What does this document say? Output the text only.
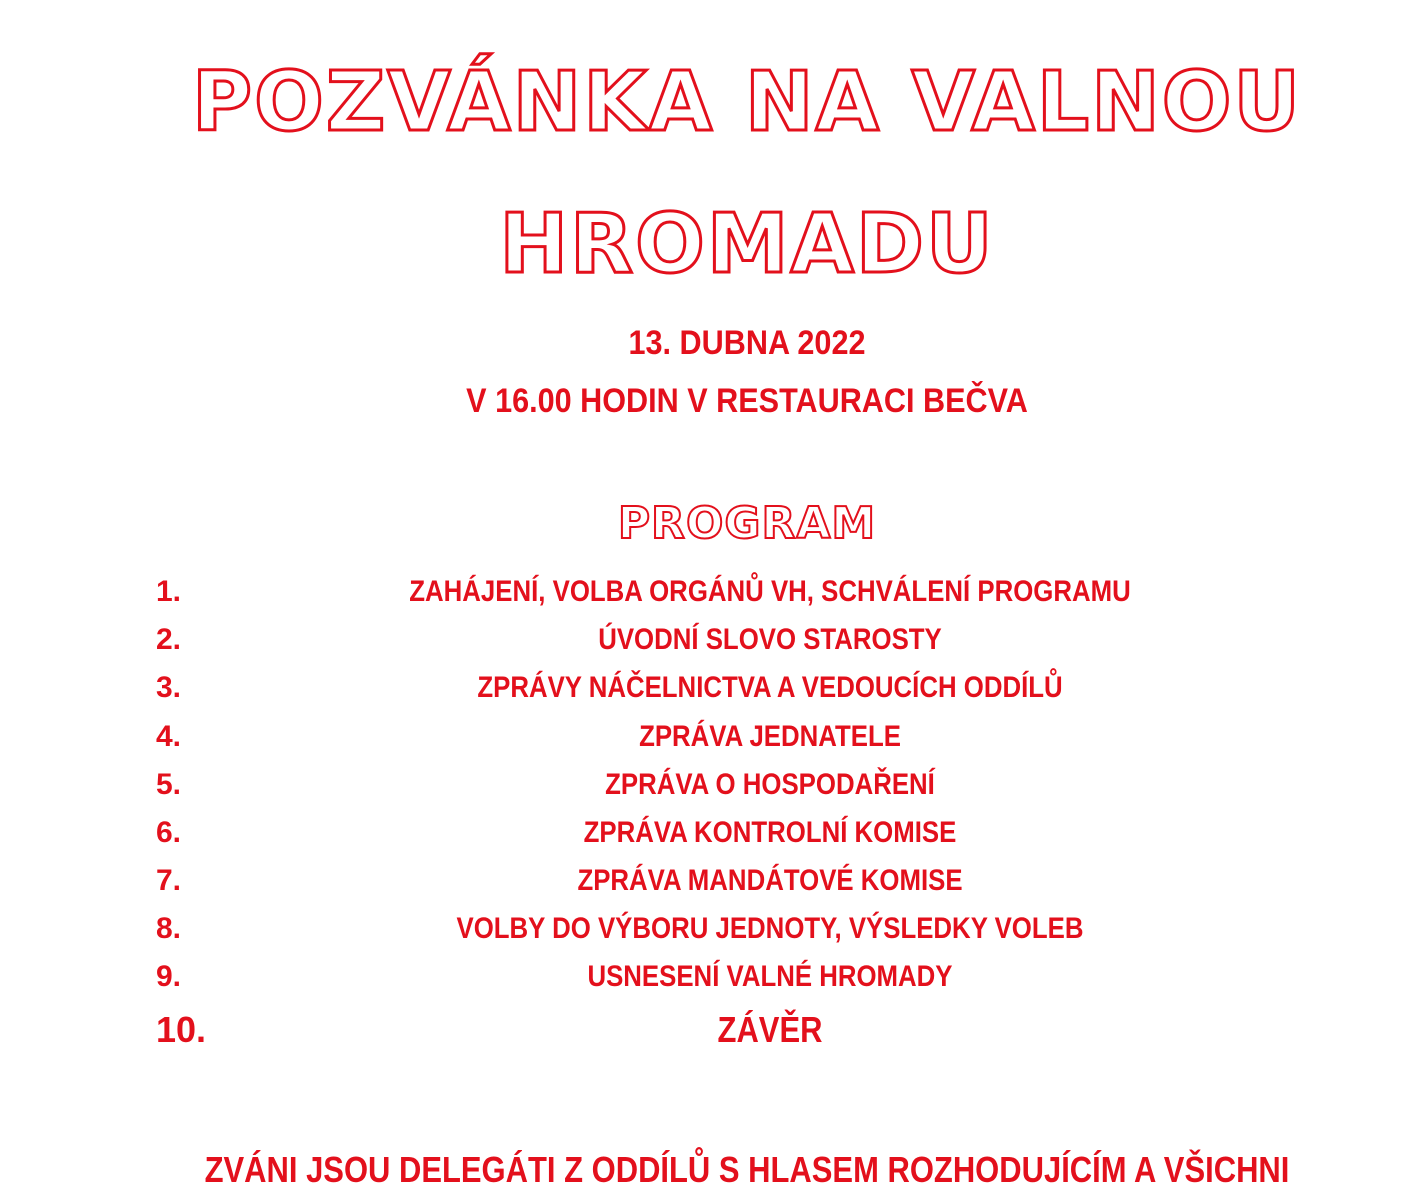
POZVÁNKA NA VALNOU
HROMADU
13. DUBNA 2022
V 16.00 HODIN V RESTAURACI BEČVA
PROGRAM
1.	ZAHÁJENÍ, VOLBA ORGÁNŮ VH, SCHVÁLENÍ PROGRAMU
2.	ÚVODNÍ SLOVO STAROSTY
3.	ZPRÁVY NÁČELNICTVA A VEDOUCÍCH ODDÍLŮ
4.	ZPRÁVA JEDNATELE
5.	ZPRÁVA O HOSPODAŘENÍ
6.	ZPRÁVA KONTROLNÍ KOMISE
7.	ZPRÁVA MANDÁTOVÉ KOMISE
8.	VOLBY DO VÝBORU JEDNOTY, VÝSLEDKY VOLEB
9.	USNESENÍ VALNÉ HROMADY
10.	ZÁVĚR
ZVÁNI JSOU DELEGÁTI Z ODDÍLŮ S HLASEM ROZHODUJÍCÍM A VŠICHNI
